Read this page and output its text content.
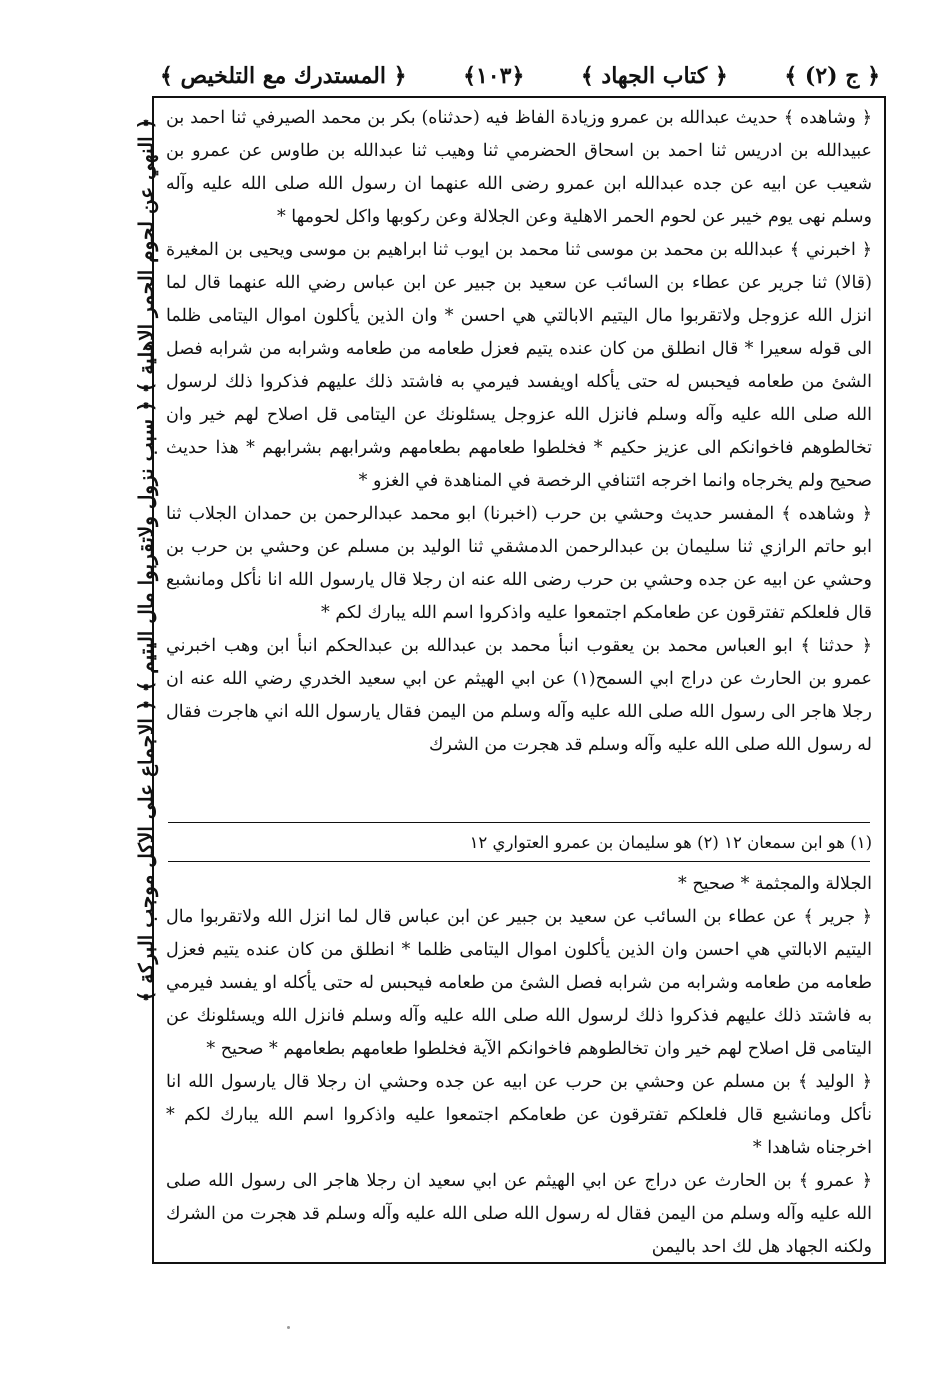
﴿ المستدرك مع التلخيص ﴾	﴿١٠٣﴾	﴿ كتاب الجهاد ﴾	﴿ ج (٢) ﴾
﴿ النهي عن لحوم الحمر الاهلية ﴾ ﴿ سبب نزول ولاتقربوا مال اليتيم ﴾ ﴿ الاجماع على الاكل موجب البركة ﴾ ﴿ وشاهده ﴾ حديث عبدالله بن عمرو وزيادة الفاظ فيه (حدثناه) بكر بن محمد الصيرفي ثنا احمد بن عبيدالله بن ادريس ثنا احمد بن اسحاق الحضرمي ثنا وهيب ثنا عبدالله بن طاوس عن عمرو بن شعيب عن ابيه عن جده عبدالله ابن عمرو رضى الله عنهما ان رسول الله صلى الله عليه وآله وسلم نهى يوم خيبر عن لحوم الحمر الاهلية وعن الجلالة وعن ركوبها واكل لحومها *

﴿ اخبرني ﴾ عبدالله بن محمد بن موسى ثنا محمد بن ايوب ثنا ابراهيم بن موسى ويحيى بن المغيرة (قالا) ثنا جرير عن عطاء بن السائب عن سعيد بن جبير عن ابن عباس رضي الله عنهما قال لما انزل الله عزوجل ولاتقربوا مال اليتيم الابالتي هي احسن * وان الذين يأكلون اموال اليتامى ظلما الى قوله سعيرا * قال انطلق من كان عنده يتيم فعزل طعامه من طعامه وشرابه من شرابه فصل الشئ من طعامه فيحبس له حتى يأكله اويفسد فيرمي به فاشتد ذلك عليهم فذكروا ذلك لرسول الله صلى الله عليه وآله وسلم فانزل الله عزوجل يسئلونك عن اليتامى قل اصلاح لهم خير وان تخالطوهم فاخوانكم الى عزيز حكيم * فخلطوا طعامهم بطعامهم وشرابهم بشرابهم * هذا حديث صحيح ولم يخرجاه وانما اخرجه ائتنافي الرخصة في المناهدة في الغزو *

﴿ وشاهده ﴾ المفسر حديث وحشي بن حرب (اخبرنا) ابو محمد عبدالرحمن بن حمدان الجلاب ثنا ابو حاتم الرازي ثنا سليمان بن عبدالرحمن الدمشقي ثنا الوليد بن مسلم عن وحشي بن حرب بن وحشي عن ابيه عن جده وحشي بن حرب رضى الله عنه ان رجلا قال يارسول الله انا نأكل ومانشبع قال فلعلكم تفترقون عن طعامكم اجتمعوا عليه واذكروا اسم الله يبارك لكم *

﴿ حدثنا ﴾ ابو العباس محمد بن يعقوب انبأ محمد بن عبدالله بن عبدالحكم انبأ ابن وهب اخبرني عمرو بن الحارث عن دراج ابي السمح(١) عن ابي الهيثم عن ابي سعيد الخدري رضي الله عنه ان رجلا هاجر الى رسول الله صلى الله عليه وآله وسلم من اليمن فقال يارسول الله اني هاجرت فقال له رسول الله صلى الله عليه وآله وسلم قد هجرت من الشرك

(١) هو ابن سمعان ١٢ (٢) هو سليمان بن عمرو العتواري ١٢

الجلالة والمجثمة * صحيح *

﴿ جرير ﴾ عن عطاء بن السائب عن سعيد بن جبير عن ابن عباس قال لما انزل الله ولاتقربوا مال اليتيم الابالتي هي احسن وان الذين يأكلون اموال اليتامى ظلما * انطلق من كان عنده يتيم فعزل طعامه من طعامه وشرابه من شرابه فصل الشئ من طعامه فيحبس له حتى يأكله او يفسد فيرمي به فاشتد ذلك عليهم فذكروا ذلك لرسول الله صلى الله عليه وآله وسلم فانزل الله ويسئلونك عن اليتامى قل اصلاح لهم خير وان تخالطوهم فاخوانكم الآية فخلطوا طعامهم بطعامهم * صحيح *

﴿ الوليد ﴾ بن مسلم عن وحشي بن حرب عن ابيه عن جده وحشي ان رجلا قال يارسول الله انا نأكل ومانشبع قال فلعلكم تفترقون عن طعامكم اجتمعوا عليه واذكروا اسم الله يبارك لكم * اخرجناه شاهدا *

﴿ عمرو ﴾ بن الحارث عن دراج عن ابي الهيثم عن ابي سعيد ان رجلا هاجر الى رسول الله صلى الله عليه وآله وسلم من اليمن فقال له رسول الله صلى الله عليه وآله وسلم قد هجرت من الشرك ولكنه الجهاد هل لك احد باليمن
